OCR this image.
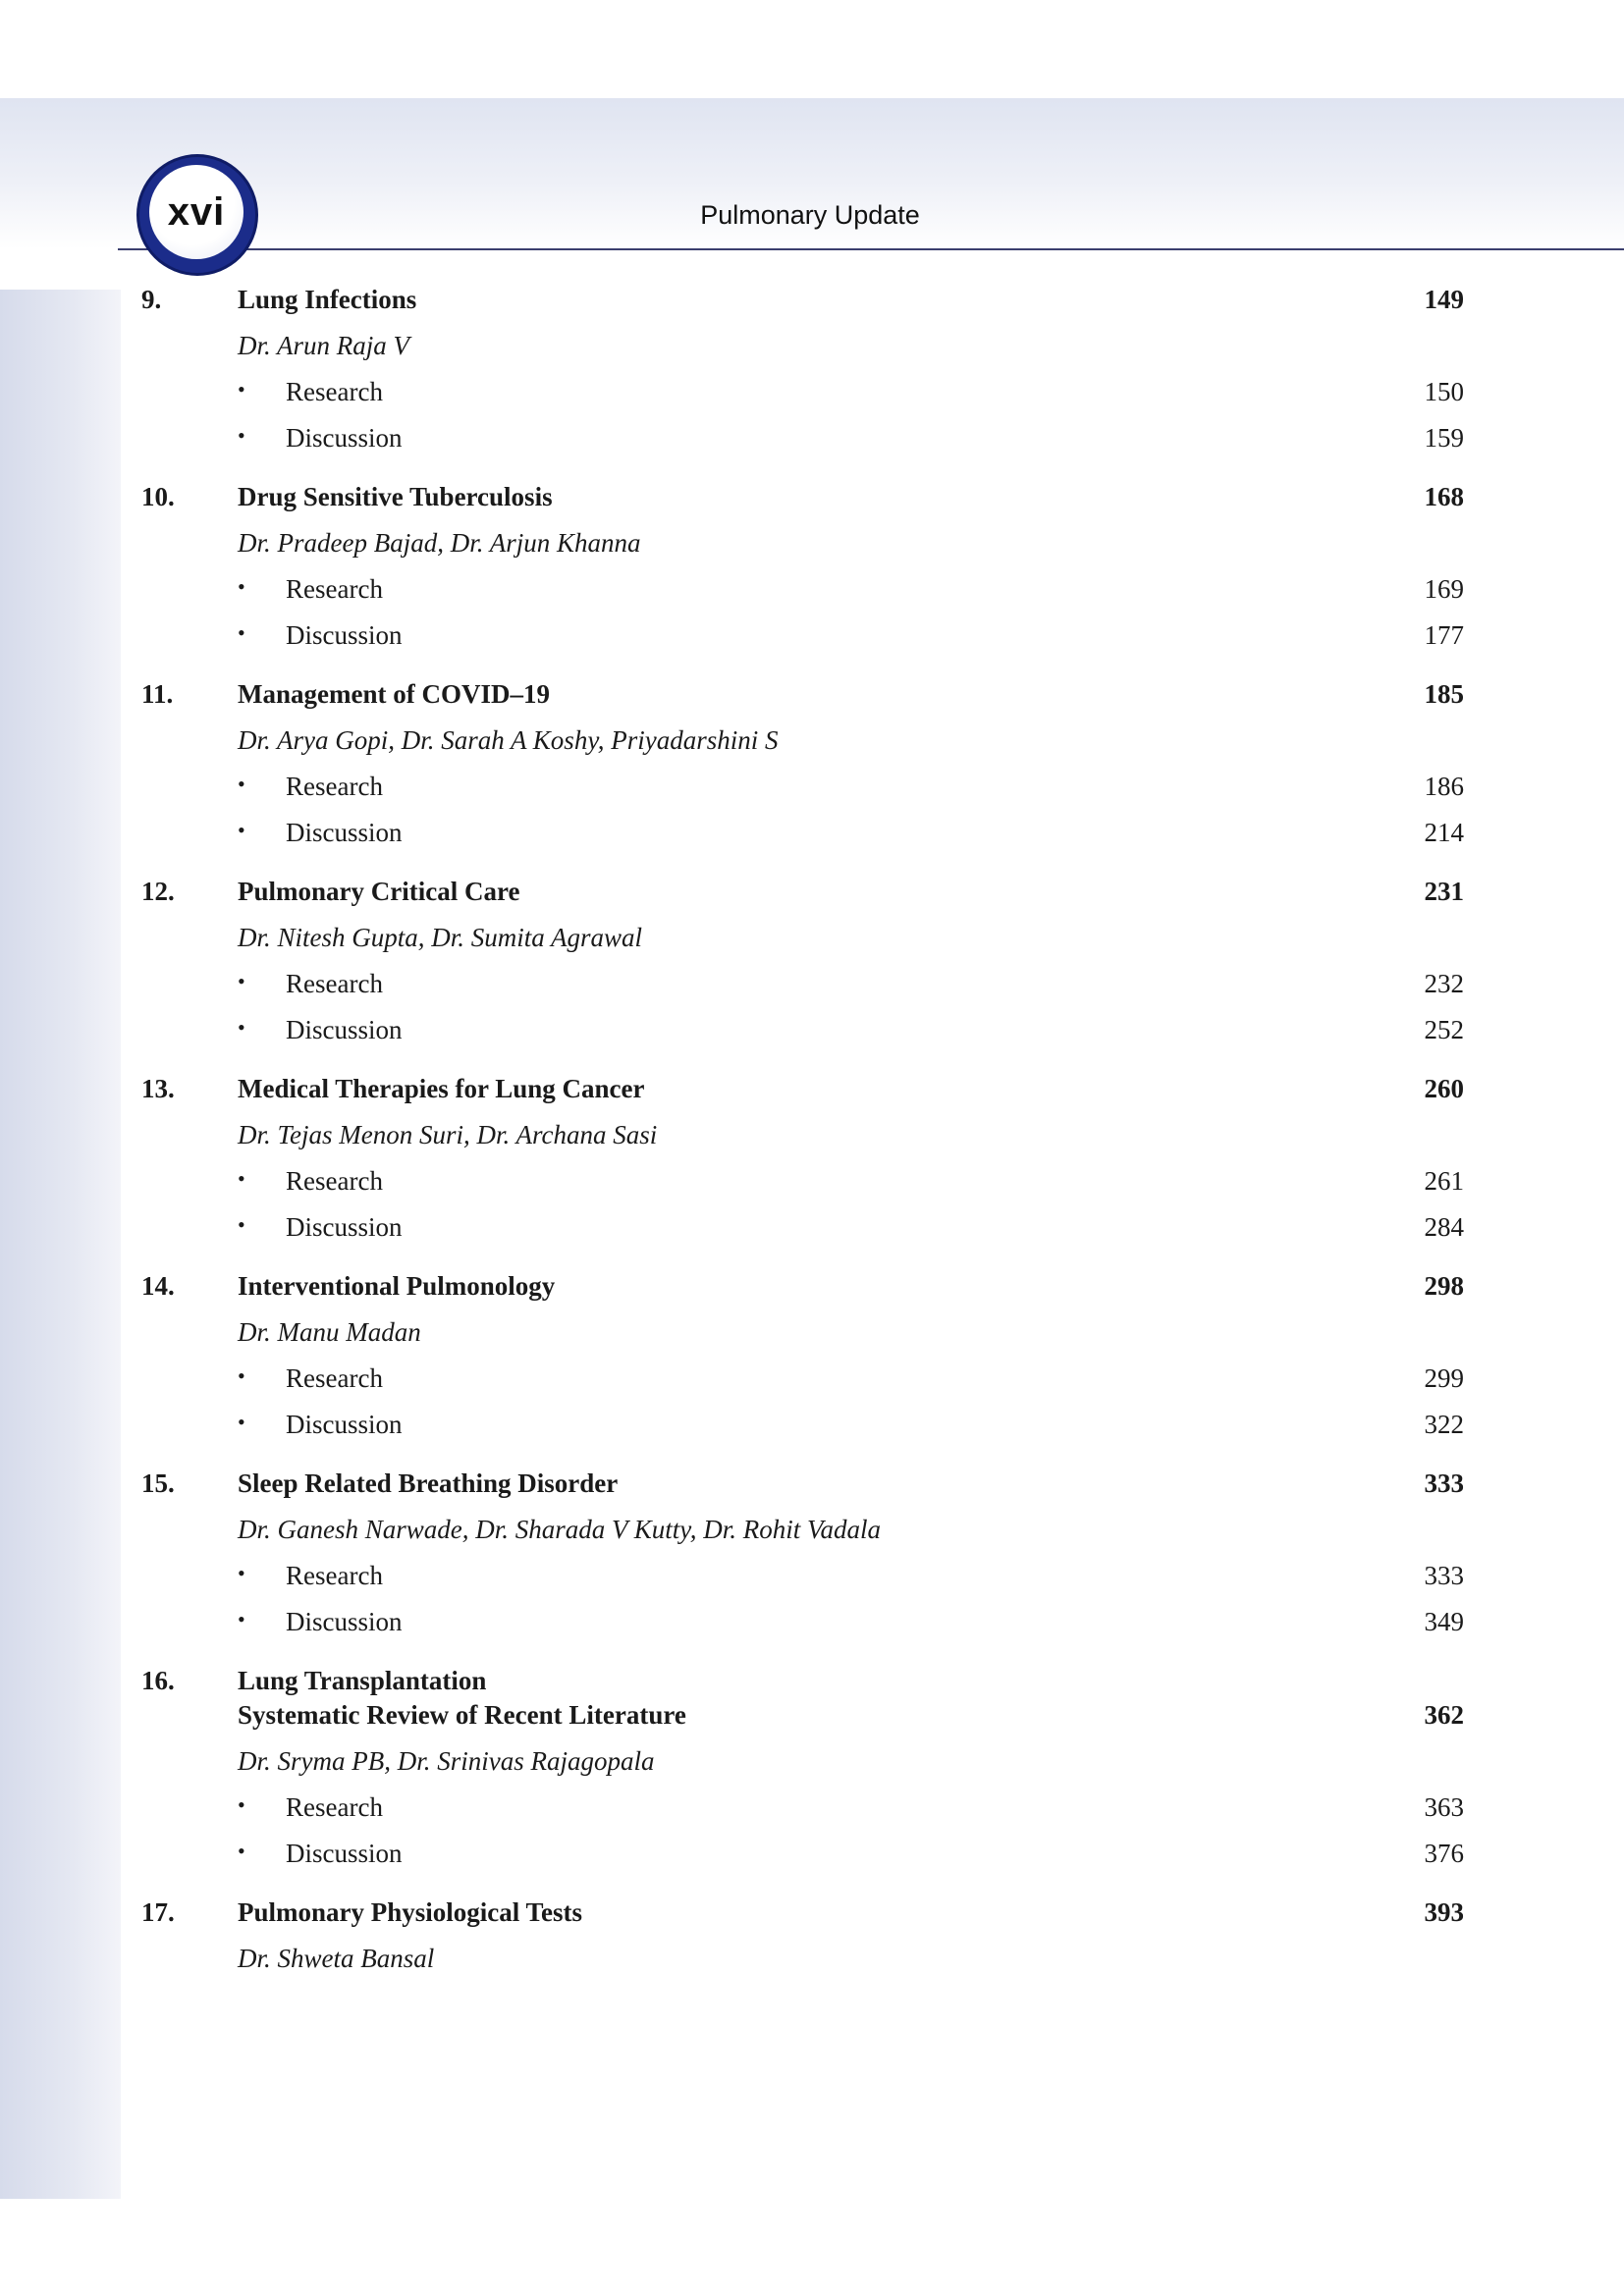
xvi	Pulmonary Update
9.	Lung Infections	149
Dr. Arun Raja V
• Research	150
• Discussion	159
10. Drug Sensitive Tuberculosis	168
Dr. Pradeep Bajad, Dr. Arjun Khanna
• Research	169
• Discussion	177
11. Management of COVID–19	185
Dr. Arya Gopi, Dr. Sarah A Koshy, Priyadarshini S
• Research	186
• Discussion	214
12. Pulmonary Critical Care	231
Dr. Nitesh Gupta, Dr. Sumita Agrawal
• Research	232
• Discussion	252
13. Medical Therapies for Lung Cancer	260
Dr. Tejas Menon Suri, Dr. Archana Sasi
• Research	261
• Discussion	284
14. Interventional Pulmonology	298
Dr. Manu Madan
• Research	299
• Discussion	322
15. Sleep Related Breathing Disorder	333
Dr. Ganesh Narwade, Dr. Sharada V Kutty, Dr. Rohit Vadala
• Research	333
• Discussion	349
16. Lung Transplantation
Systematic Review of Recent Literature	362
Dr. Sryma PB, Dr. Srinivas Rajagopala
• Research	363
• Discussion	376
17. Pulmonary Physiological Tests	393
Dr. Shweta Bansal
